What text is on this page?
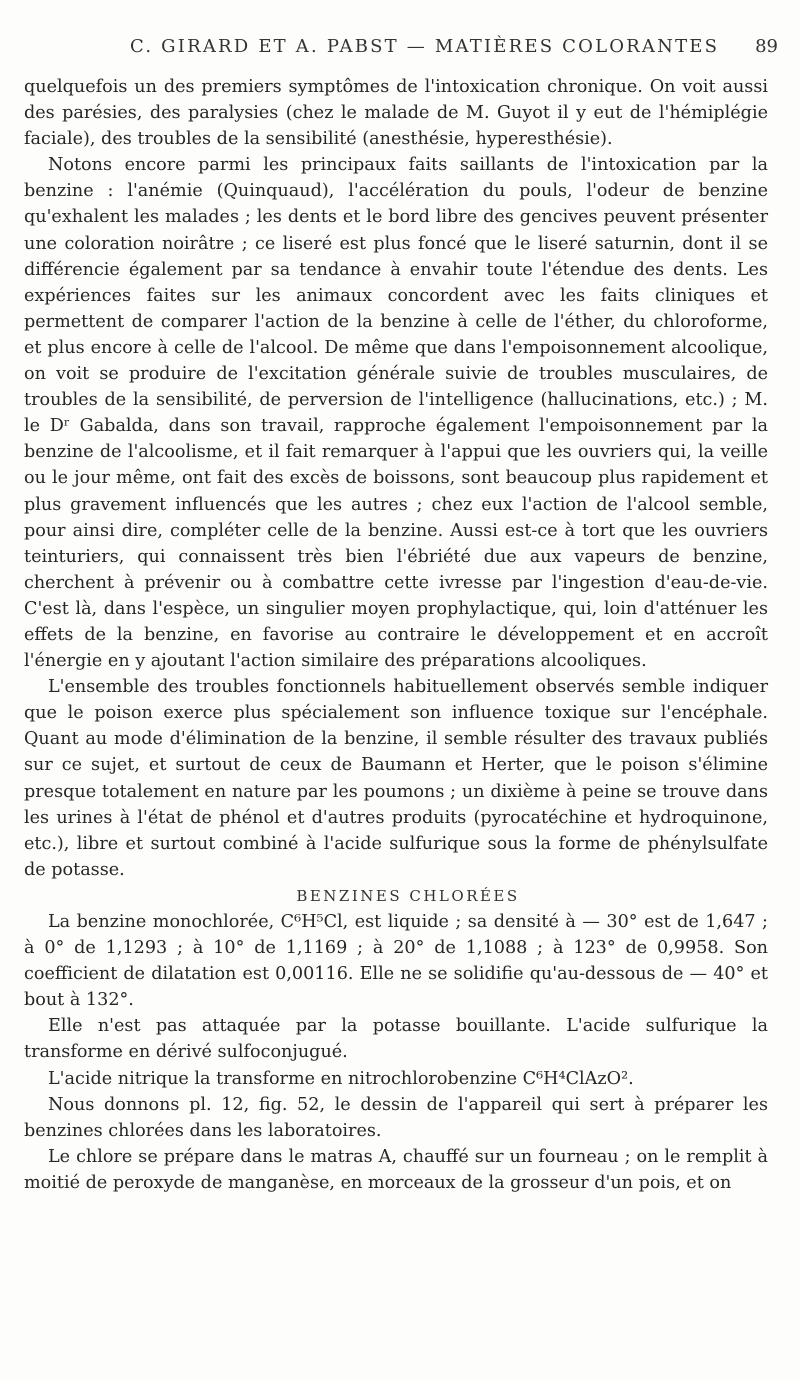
C. GIRARD ET A. PABST — MATIÈRES COLORANTES 89

quelquefois un des premiers symptômes de l'intoxication chronique. On voit aussi des parésies, des paralysies (chez le malade de M. Guyot il y eut de l'hémiplégie faciale), des troubles de la sensibilité (anesthésie, hyperesthésie).

Notons encore parmi les principaux faits saillants de l'intoxication par la benzine : l'anémie (Quinquaud), l'accélération du pouls, l'odeur de benzine qu'exhalent les malades ; les dents et le bord libre des gencives peuvent présenter une coloration noirâtre ; ce liseré est plus foncé que le liseré saturnin, dont il se différencie également par sa tendance à envahir toute l'étendue des dents. Les expériences faites sur les animaux concordent avec les faits cliniques et permettent de comparer l'action de la benzine à celle de l'éther, du chloroforme, et plus encore à celle de l'alcool. De même que dans l'empoisonnement alcoolique, on voit se produire de l'excitation générale suivie de troubles musculaires, de troubles de la sensibilité, de perversion de l'intelligence (hallucinations, etc.) ; M. le Dʳ Gabalda, dans son travail, rapproche également l'empoisonnement par la benzine de l'alcoolisme, et il fait remarquer à l'appui que les ouvriers qui, la veille ou le jour même, ont fait des excès de boissons, sont beaucoup plus rapidement et plus gravement influencés que les autres ; chez eux l'action de l'alcool semble, pour ainsi dire, compléter celle de la benzine. Aussi est-ce à tort que les ouvriers teinturiers, qui connaissent très bien l'ébriété due aux vapeurs de benzine, cherchent à prévenir ou à combattre cette ivresse par l'ingestion d'eau-de-vie. C'est là, dans l'espèce, un singulier moyen prophylactique, qui, loin d'atténuer les effets de la benzine, en favorise au contraire le développement et en accroît l'énergie en y ajoutant l'action similaire des préparations alcooliques.

L'ensemble des troubles fonctionnels habituellement observés semble indiquer que le poison exerce plus spécialement son influence toxique sur l'encéphale. Quant au mode d'élimination de la benzine, il semble résulter des travaux publiés sur ce sujet, et surtout de ceux de Baumann et Herter, que le poison s'élimine presque totalement en nature par les poumons ; un dixième à peine se trouve dans les urines à l'état de phénol et d'autres produits (pyrocatéchine et hydroquinone, etc.), libre et surtout combiné à l'acide sulfurique sous la forme de phénylsulfate de potasse.

BENZINES CHLORÉES

La benzine monochlorée, C⁶H⁵Cl, est liquide ; sa densité à — 30° est de 1,647 ; à 0° de 1,1293 ; à 10° de 1,1169 ; à 20° de 1,1088 ; à 123° de 0,9958. Son coefficient de dilatation est 0,00116. Elle ne se solidifie qu'au-dessous de — 40° et bout à 132°.

Elle n'est pas attaquée par la potasse bouillante. L'acide sulfurique la transforme en dérivé sulfoconjugué.

L'acide nitrique la transforme en nitrochlorobenzine C⁶H⁴ClAzO².

Nous donnons pl. 12, fig. 52, le dessin de l'appareil qui sert à préparer les benzines chlorées dans les laboratoires.

Le chlore se prépare dans le matras A, chauffé sur un fourneau ; on le remplit à moitié de peroxyde de manganèse, en morceaux de la grosseur d'un pois, et on
